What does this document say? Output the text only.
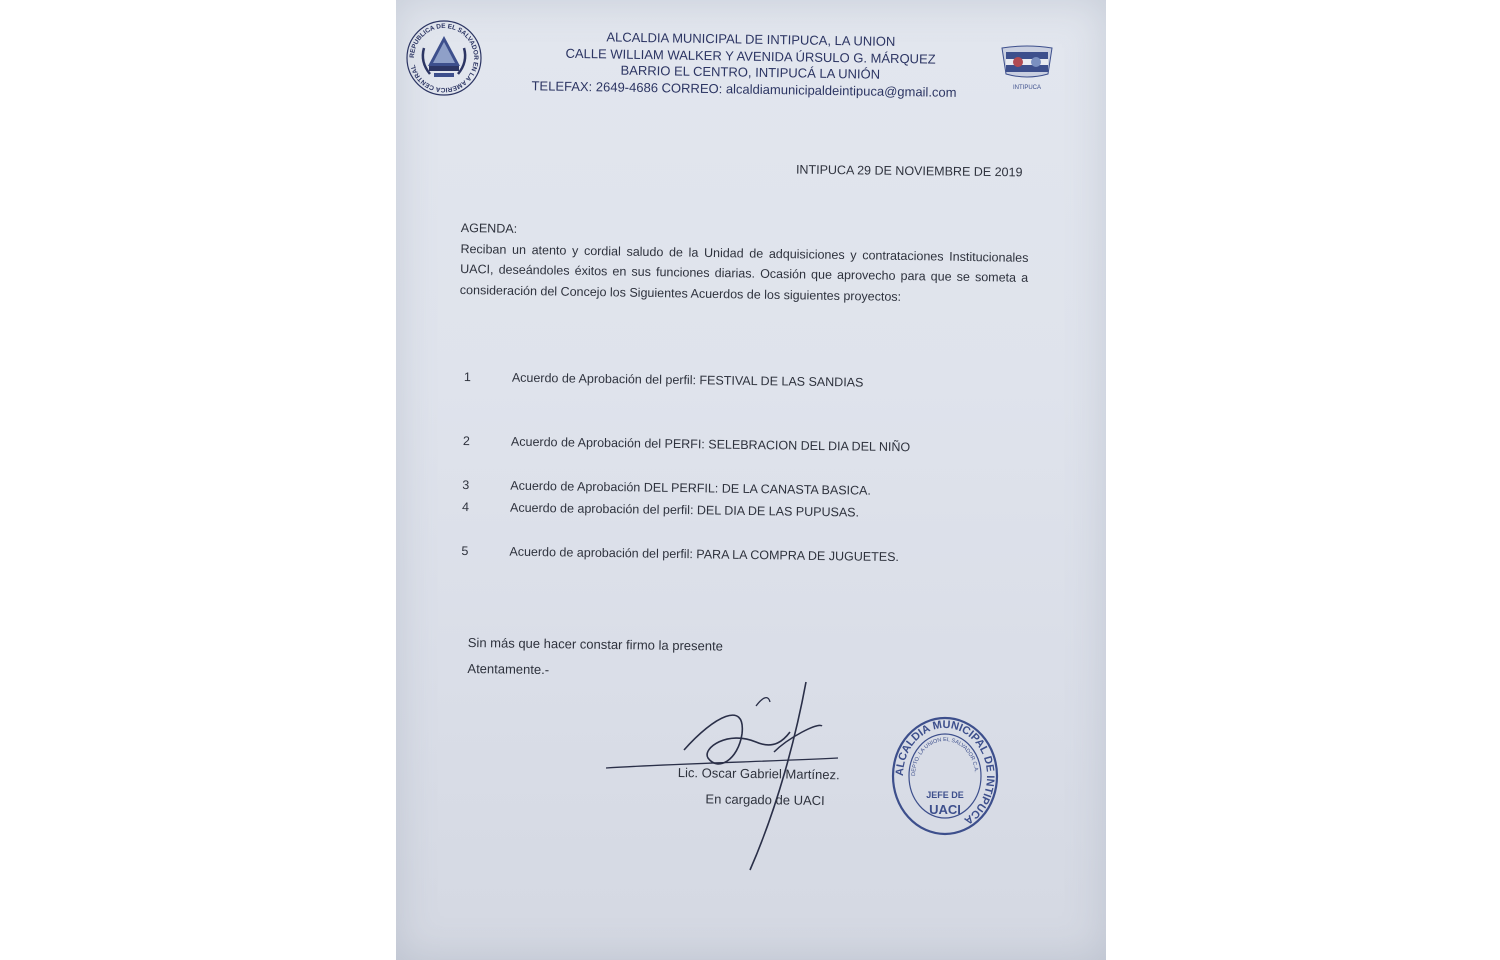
REPUBLICA DE EL SALVADOR EN LA AMERICA CENTRAL
ALCALDIA MUNICIPAL DE INTIPUCA, LA UNION
CALLE WILLIAM WALKER Y AVENIDA ÚRSULO G. MÁRQUEZ
BARRIO EL CENTRO, INTIPUCÁ LA UNIÓN
TELEFAX: 2649-4686 CORREO: alcaldiamunicipaldeintipuca@gmail.com	INTIPUCA
INTIPUCA 29 DE NOVIEMBRE DE 2019
AGENDA:
Reciban un atento y cordial saludo de la Unidad de adquisiciones y contrataciones Institucionales UACI, deseándoles éxitos en sus funciones diarias. Ocasión que aprovecho para que se someta a consideración del Concejo los Siguientes Acuerdos de los siguientes proyectos:
1	Acuerdo de Aprobación del perfil: FESTIVAL DE LAS SANDIAS
2	Acuerdo de Aprobación del PERFI: SELEBRACION DEL DIA DEL NIÑO
3	Acuerdo de Aprobación DEL PERFIL: DE LA CANASTA BASICA.
4	Acuerdo de aprobación del perfil: DEL DIA DE LAS PUPUSAS.
5	Acuerdo de aprobación del perfil: PARA LA COMPRA DE JUGUETES.
Sin más que hacer constar firmo la presente
Atentamente.-
Lic. Oscar Gabriel Martínez.
En cargado de UACI
ALCALDIA MUNICIPAL DE INTIPUCA
DEPTO. LA UNION EL SALVADOR C.A.
JEFE DE
UACI
